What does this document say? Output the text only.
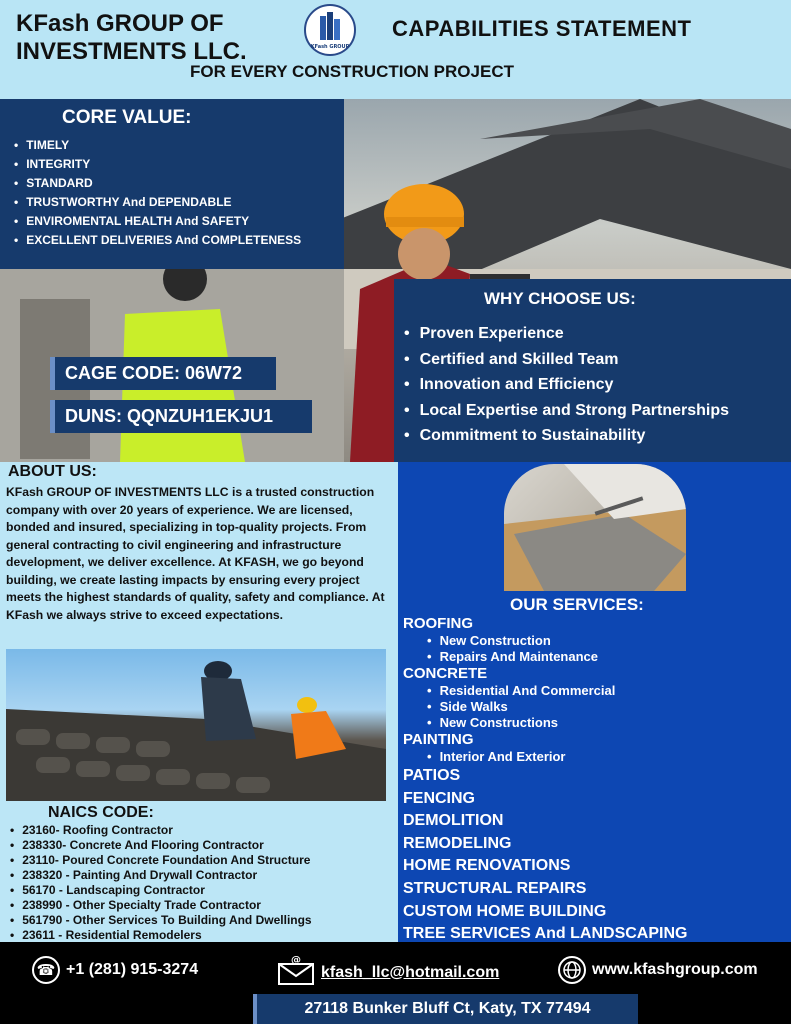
KFash GROUP OF
INVESTMENTS LLC.	KFash GROUP
CAPABILITIES STATEMENT
FOR EVERY CONSTRUCTION PROJECT
CORE VALUE:
• TIMELY
• INTEGRITY
• STANDARD
• TRUSTWORTHY And DEPENDABLE
• ENVIROMENTAL HEALTH And SAFETY
• EXCELLENT DELIVERIES And COMPLETENESS
CAGE CODE: 06W72
DUNS: QQNZUH1EKJU1
WHY CHOOSE US:
• Proven Experience
• Certified and Skilled Team
• Innovation and Efficiency
• Local Expertise and Strong Partnerships
• Commitment to Sustainability
ABOUT US:
KFash GROUP OF INVESTMENTS LLC is a trusted construction company with over 20 years of experience. We are licensed, bonded and insured, specializing in top-quality projects. From general contracting to civil engineering and infrastructure development, we deliver excellence. At KFASH, we go beyond building, we create lasting impacts by ensuring every project meets the highest standards of quality, safety and compliance. At KFash we always strive to exceed expectations.
NAICS CODE:
• 23160- Roofing Contractor
• 238330- Concrete And Flooring Contractor
• 23110- Poured Concrete Foundation And Structure
• 238320 - Painting And Drywall Contractor
• 56170 - Landscaping Contractor
• 238990 - Other Specialty Trade Contractor
• 561790 - Other Services To Building And Dwellings
• 23611 - Residential Remodelers
OUR SERVICES:
ROOFING
• New Construction
• Repairs And Maintenance
CONCRETE
• Residential And Commercial
• Side Walks
• New Constructions
PAINTING
• Interior And Exterior
PATIOS
FENCING
DEMOLITION
REMODELING
HOME RENOVATIONS
STRUCTURAL REPAIRS
CUSTOM HOME BUILDING
TREE SERVICES And LANDSCAPING
☎ +1 (281) 915-3274
@
kfash_llc@hotmail.com	www.kfashgroup.com
27118 Bunker Bluff Ct, Katy, TX 77494
